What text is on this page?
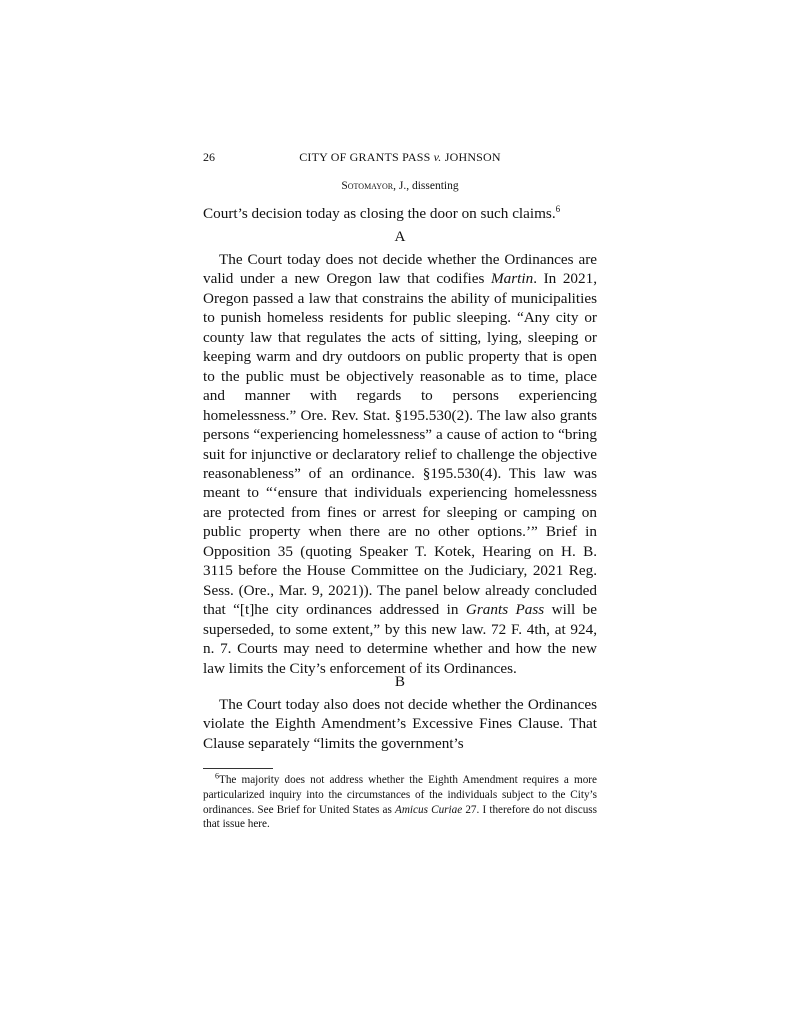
26	CITY OF GRANTS PASS v. JOHNSON
Sotomayor, J., dissenting

Court’s decision today as closing the door on such claims.$^6$

A

The Court today does not decide whether the Ordinances are valid under a new Oregon law that codifies Martin. In 2021, Oregon passed a law that constrains the ability of municipalities to punish homeless residents for public sleeping. “Any city or county law that regulates the acts of sitting, lying, sleeping or keeping warm and dry outdoors on public property that is open to the public must be objectively reasonable as to time, place and manner with regards to persons experiencing homelessness.” Ore. Rev. Stat. §195.530(2). The law also grants persons “experiencing homelessness” a cause of action to “bring suit for injunctive or declaratory relief to challenge the objective reasonableness” of an ordinance. §195.530(4). This law was meant to “‘ensure that individuals experiencing homelessness are protected from fines or arrest for sleeping or camping on public property when there are no other options.’” Brief in Opposition 35 (quoting Speaker T. Kotek, Hearing on H. B. 3115 before the House Committee on the Judiciary, 2021 Reg. Sess. (Ore., Mar. 9, 2021)). The panel below already concluded that “[t]he city ordinances addressed in Grants Pass will be superseded, to some extent,” by this new law. 72 F. 4th, at 924, n. 7. Courts may need to determine whether and how the new law limits the City’s enforcement of its Ordinances.

B

The Court today also does not decide whether the Ordinances violate the Eighth Amendment’s Excessive Fines Clause. That Clause separately “limits the government’s

$^6$The majority does not address whether the Eighth Amendment requires a more particularized inquiry into the circumstances of the individuals subject to the City’s ordinances. See Brief for United States as Amicus Curiae 27. I therefore do not discuss that issue here.
